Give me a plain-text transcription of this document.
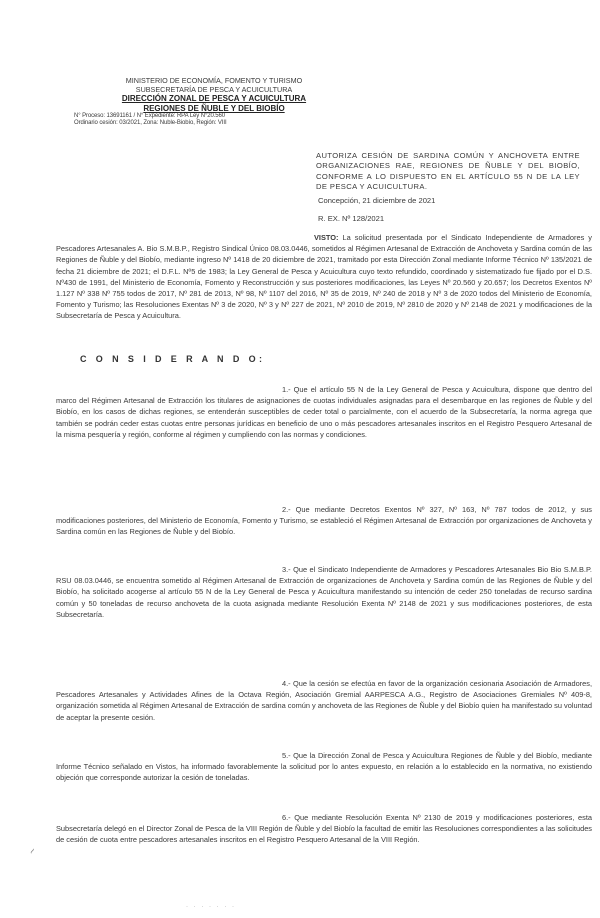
MINISTERIO DE ECONOMÍA, FOMENTO Y TURISMO
SUBSECRETARÍA DE PESCA Y ACUICULTURA
DIRECCIÓN ZONAL DE PESCA Y ACUICULTURA
REGIONES DE ÑUBLE Y DEL BIOBÍO
N° Proceso: 13691161 / N° Expediente: RPA Ley N°20.560
Ordinario cesión: 03/2021, Zona: Nuble-Biobío, Región: VIII
AUTORIZA CESIÓN DE SARDINA COMÚN Y ANCHOVETA ENTRE ORGANIZACIONES RAE, REGIONES DE ÑUBLE Y DEL BIOBÍO, CONFORME A LO DISPUESTO EN EL ARTÍCULO 55 N DE LA LEY DE PESCA Y ACUICULTURA.
Concepción, 21 diciembre de 2021
R. EX. Nº 128/2021
VISTO: La solicitud presentada por el Sindicato Independiente de Armadores y Pescadores Artesanales A. Bio S.M.B.P., Registro Sindical Único 08.03.0446, sometidos al Régimen Artesanal de Extracción de Anchoveta y Sardina común de las Regiones de Ñuble y del Biobío, mediante ingreso Nº 1418 de 20 diciembre de 2021, tramitado por esta Dirección Zonal mediante Informe Técnico Nº 135/2021 de fecha 21 diciembre de 2021; el D.F.L. Nº5 de 1983; la Ley General de Pesca y Acuicultura cuyo texto refundido, coordinado y sistematizado fue fijado por el D.S. Nº430 de 1991, del Ministerio de Economía, Fomento y Reconstrucción y sus posteriores modificaciones, las Leyes Nº 20.560 y 20.657; los Decretos Exentos Nº 1.127 Nº 338 Nº 755 todos de 2017, Nº 281 de 2013, Nº 98, Nº 1107 del 2016, Nº 35 de 2019, Nº 240 de 2018 y Nº 3 de 2020 todos del Ministerio de Economía, Fomento y Turismo; las Resoluciones Exentas Nº 3 de 2020, Nº 3 y Nº 227 de 2021, Nº 2010 de 2019, Nº 2810 de 2020 y Nº 2148 de 2021 y modificaciones de la Subsecretaría de Pesca y Acuicultura.
C O N S I D E R A N D O:
1.- Que el artículo 55 N de la Ley General de Pesca y Acuicultura, dispone que dentro del marco del Régimen Artesanal de Extracción los titulares de asignaciones de cuotas individuales asignadas para el desembarque en las regiones de Ñuble y del Biobío, en los casos de dichas regiones, se entenderán susceptibles de ceder total o parcialmente, con el acuerdo de la Subsecretaría, la norma agrega que también se podrán ceder estas cuotas entre personas jurídicas en beneficio de uno o más pescadores artesanales inscritos en el Registro Pesquero Artesanal de la misma pesquería y región, conforme al régimen y cumpliendo con las normas y condiciones.
2.- Que mediante Decretos Exentos Nº 327, Nº 163, Nº 787 todos de 2012, y sus modificaciones posteriores, del Ministerio de Economía, Fomento y Turismo, se estableció el Régimen Artesanal de Extracción por organizaciones de Anchoveta y Sardina común en las Regiones de Ñuble y del Biobío.
3.- Que el Sindicato Independiente de Armadores y Pescadores Artesanales Bio Bio S.M.B.P. RSU 08.03.0446, se encuentra sometido al Régimen Artesanal de Extracción de organizaciones de Anchoveta y Sardina común de las Regiones de Ñuble y del Biobío, ha solicitado acogerse al artículo 55 N de la Ley General de Pesca y Acuicultura manifestando su intención de ceder 250 toneladas de recurso sardina común y 50 toneladas de recurso anchoveta de la cuota asignada mediante Resolución Exenta Nº 2148 de 2021 y sus modificaciones posteriores, de esta Subsecretaría.
4.- Que la cesión se efectúa en favor de la organización cesionaria Asociación de Armadores, Pescadores Artesanales y Actividades Afines de la Octava Región, Asociación Gremial AARPESCA A.G., Registro de Asociaciones Gremiales Nº 409-8, organización sometida al Régimen Artesanal de Extracción de sardina común y anchoveta de las Regiones de Ñuble y del Biobío quien ha manifestado su voluntad de aceptar la presente cesión.
5.- Que la Dirección Zonal de Pesca y Acuicultura Regiones de Ñuble y del Biobío, mediante Informe Técnico señalado en Vistos, ha informado favorablemente la solicitud por lo antes expuesto, en relación a lo establecido en la normativa, no existiendo objeción que corresponde autorizar la cesión de toneladas.
6.- Que mediante Resolución Exenta Nº 2130 de 2019 y modificaciones posteriores, esta Subsecretaría delegó en el Director Zonal de Pesca de la VIII Región de Ñuble y del Biobío la facultad de emitir las Resoluciones correspondientes a las solicitudes de cesión de cuota entre pescadores artesanales inscritos en el Registro Pesquero Artesanal de la VIII Región.
~
· · · · · · ·
